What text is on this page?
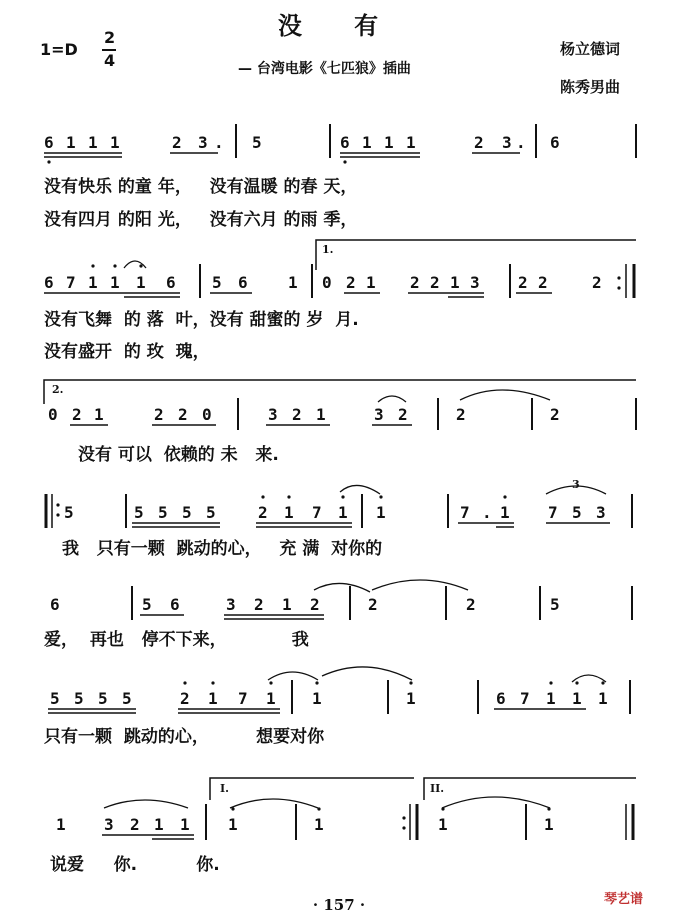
没 有
1=D
2
4	— 台湾电影《七匹狼》插曲
杨立德词
陈秀男曲
6 1 1 1	2 3 . 5	6 1 1 1	2 3 . 6
1.
6 7 1 1 1 6 5 6	1 0 2 1 2 2 1 3 2 2	2
2.
0 2 1	2 2 0	3 2 1	3 2	2	2
5	5 5 5 5	2 1 7 1 1	7 . 1
3
7 5 3
6	5 6	3 2 1 2	2	2	5
5 5 5 5	2 1 7 1 1	1	6 7 1 1 1
I.	II.
1 3 2 1 1 1	1	1	1
没有快乐 的童 年，   没有温暖 的春 天，
没有四月 的阳 光，   没有六月 的雨 季，
没有飞舞  的 落  叶，没有 甜蜜的 岁  月.
没有盛开  的 玫  瑰，
没有 可以  依赖的 未   来.
我   只有一颗  跳动的心，   充 满  对你的
爱，  再也   停不下来，           我
只有一颗  跳动的心，        想要对你
说爱     你.          你.
· 157 ·	琴艺谱
